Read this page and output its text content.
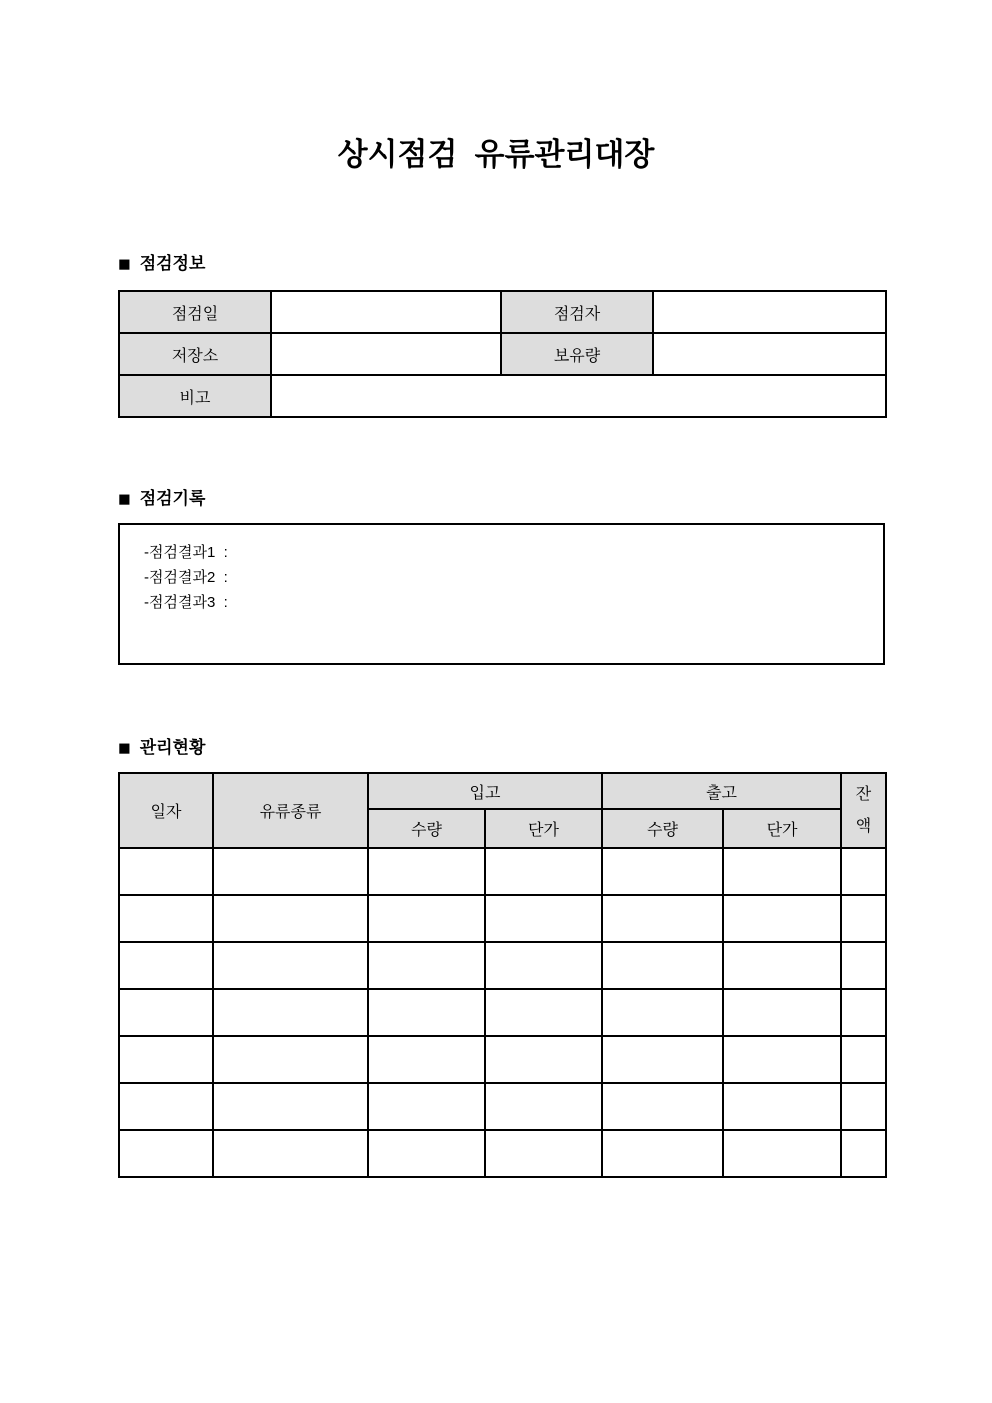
상시점검  유류관리대장
■ 점검정보
점검일		점검자	
저장소		보유량	
비고			
■ 점검기록
-점검결과1  :
-점검결과2  :
-점검결과3  :
■ 관리현황
일자	유류종류	입고		출고		잔액
		수량	단가	수량	단가	
